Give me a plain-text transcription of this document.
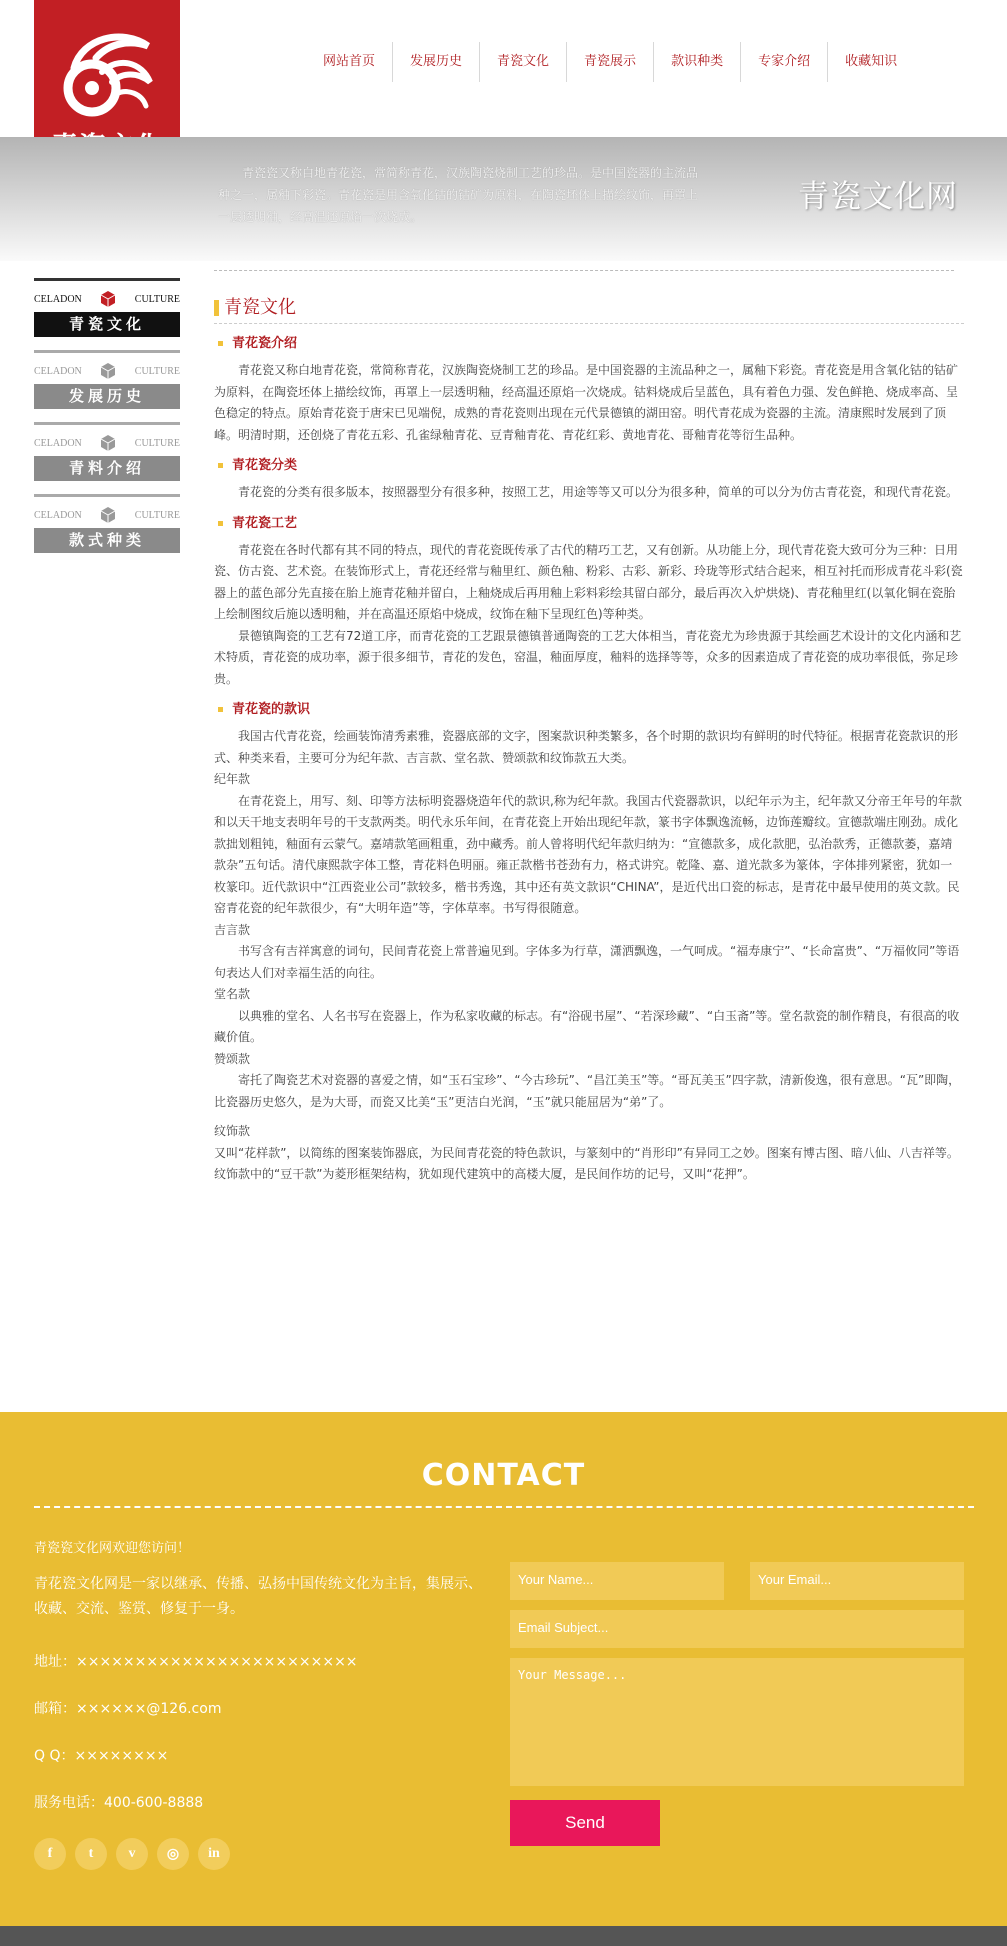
网站首页	发展历史	青瓷文化	青瓷展示	款识种类	专家介绍	收藏知识
青瓷瓷又称白地青花瓷，常简称青花，汉族陶瓷烧制工艺的珍品。是中国瓷器的主流品种之一，属釉下彩瓷。青花瓷是用含氧化钴的钴矿为原料，在陶瓷坯体上描绘纹饰，再罩上一层透明釉，经高温还原焰一次烧成。
青瓷文化网
CELADON	CULTURE
青瓷文化
CELADON	CULTURE
发展历史
CELADON	CULTURE
青料介绍
CELADON	CULTURE
款式种类
青瓷文化
青花瓷介绍
青花瓷又称白地青花瓷，常简称青花，汉族陶瓷烧制工艺的珍品。是中国瓷器的主流品种之一，属釉下彩瓷。青花瓷是用含氧化钴的钴矿为原料，在陶瓷坯体上描绘纹饰，再罩上一层透明釉，经高温还原焰一次烧成。钴料烧成后呈蓝色，具有着色力强、发色鲜艳、烧成率高、呈色稳定的特点。原始青花瓷于唐宋已见端倪，成熟的青花瓷则出现在元代景德镇的湖田窑。明代青花成为瓷器的主流。清康熙时发展到了顶峰。明清时期，还创烧了青花五彩、孔雀绿釉青花、豆青釉青花、青花红彩、黄地青花、哥釉青花等衍生品种。
青花瓷分类
青花瓷的分类有很多版本，按照器型分有很多种，按照工艺，用途等等又可以分为很多种，简单的可以分为仿古青花瓷，和现代青花瓷。
青花瓷工艺
青花瓷在各时代都有其不同的特点，现代的青花瓷既传承了古代的精巧工艺，又有创新。从功能上分，现代青花瓷大致可分为三种：日用瓷、仿古瓷、艺术瓷。在装饰形式上，青花还经常与釉里红、颜色釉、粉彩、古彩、新彩、玲珑等形式结合起来，相互衬托而形成青花斗彩(瓷器上的蓝色部分先直接在胎上施青花釉并留白，上釉烧成后再用釉上彩料彩绘其留白部分，最后再次入炉烘烧)、青花釉里红(以氧化铜在瓷胎上绘制图纹后施以透明釉，并在高温还原焰中烧成，纹饰在釉下呈现红色)等种类。
景德镇陶瓷的工艺有72道工序，而青花瓷的工艺跟景德镇普通陶瓷的工艺大体相当，青花瓷尤为珍贵源于其绘画艺术设计的文化内涵和艺术特质，青花瓷的成功率，源于很多细节，青花的发色，窑温，釉面厚度，釉料的选择等等，众多的因素造成了青花瓷的成功率很低，弥足珍贵。
青花瓷的款识
我国古代青花瓷，绘画装饰清秀素雅，瓷器底部的文字，图案款识种类繁多，各个时期的款识均有鲜明的时代特征。根据青花瓷款识的形式、种类来看，主要可分为纪年款、吉言款、堂名款、赞颂款和纹饰款五大类。
纪年款
在青花瓷上，用写、刻、印等方法标明瓷器烧造年代的款识,称为纪年款。我国古代瓷器款识，以纪年示为主，纪年款又分帝王年号的年款和以天干地支表明年号的干支款两类。明代永乐年间，在青花瓷上开始出现纪年款，篆书字体飘逸流畅，边饰莲瓣纹。宣德款端庄刚劲。成化款拙划粗钝，釉面有云蒙气。嘉靖款笔画粗重，劲中藏秀。前人曾将明代纪年款归纳为：“宣德款多，成化款肥，弘治款秀，正德款萎，嘉靖款杂”五句话。清代康熙款字体工整，青花料色明丽。雍正款楷书苍劲有力，格式讲究。乾隆、嘉、道光款多为篆体，字体排列紧密，犹如一枚篆印。近代款识中“江西瓷业公司”款较多，楷书秀逸，其中还有英文款识“CHINA”，是近代出口瓷的标志，是青花中最早使用的英文款。民窑青花瓷的纪年款很少，有“大明年造”等，字体草率。书写得很随意。
吉言款
书写含有吉祥寓意的词句，民间青花瓷上常普遍见到。字体多为行草，潇洒飘逸，一气呵成。“福寿康宁”、“长命富贵”、“万福攸同”等语句表达人们对幸福生活的向往。
堂名款
以典雅的堂名、人名书写在瓷器上，作为私家收藏的标志。有“浴砚书屋”、“若深珍藏”、“白玉斋”等。堂名款瓷的制作精良，有很高的收藏价值。
赞颂款
寄托了陶瓷艺术对瓷器的喜爱之情，如“玉石宝珍”、“今古珍玩”、“昌江美玉”等。“哥瓦美玉”四字款，清新俊逸，很有意思。“瓦”即陶，比瓷器历史悠久，是为大哥，而瓷又比美“玉”更洁白光润，“玉”就只能屈居为“弟”了。
纹饰款
又叫“花样款”，以简练的图案装饰器底，为民间青花瓷的特色款识，与篆刻中的“肖形印”有异同工之妙。图案有博古图、暗八仙、八吉祥等。纹饰款中的“豆干款”为菱形框架结构，犹如现代建筑中的高楼大厦，是民间作坊的记号，又叫“花押”。
CONTACT
青瓷瓷文化网欢迎您访问！
青花瓷文化网是一家以继承、传播、弘扬中国传统文化为主旨，集展示、收藏、交流、鉴赏、修复于一身。
地址：××××××××××××××××××××××××
邮箱：××××××@126.com
Q Q：××××××××
服务电话：400-600-8888
Your Name...	Your Email...
Email Subject...
Your Message...
Send
f	t	v	◎	in
